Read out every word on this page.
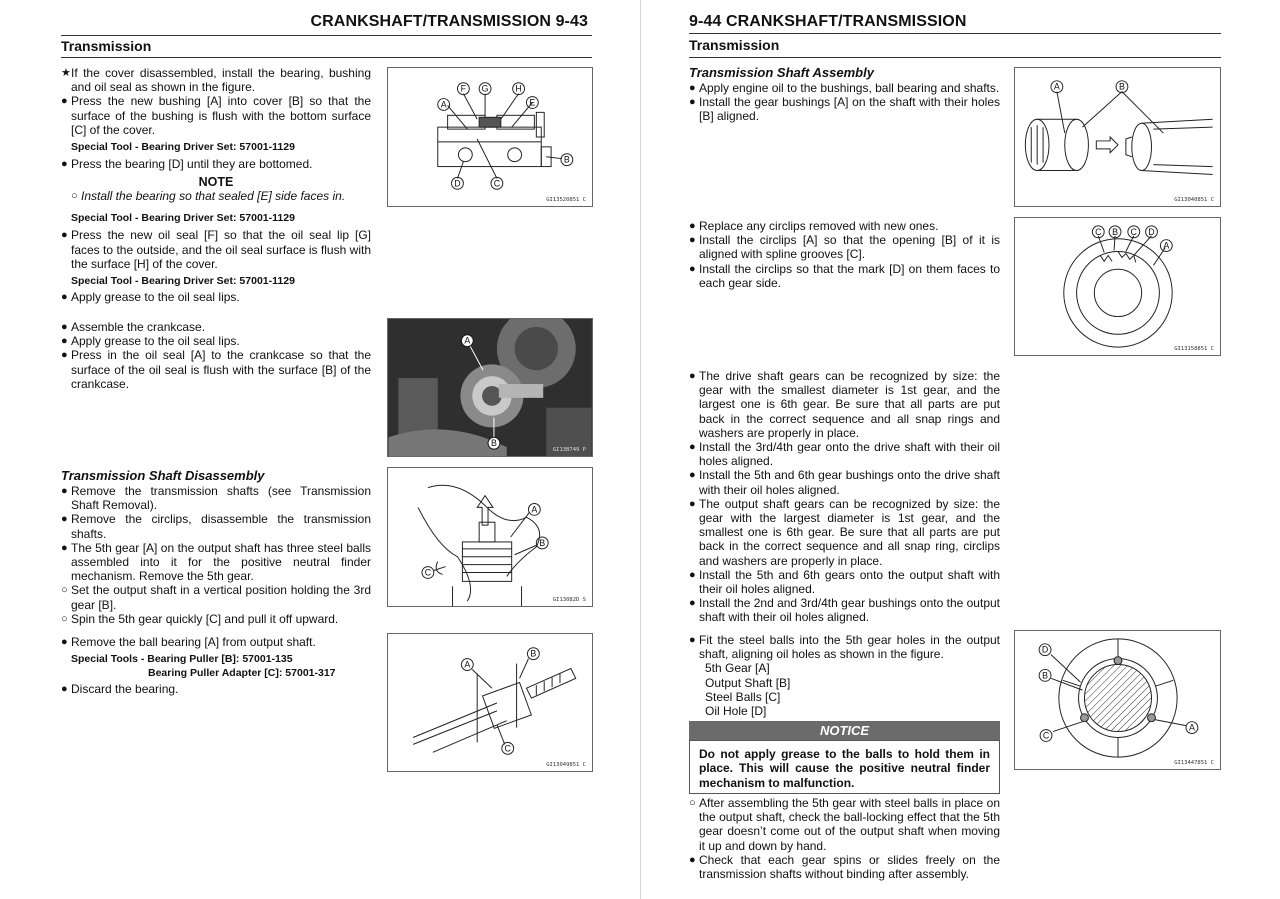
CRANKSHAFT/TRANSMISSION 9-43
Transmission
★ If the cover disassembled, install the bearing, bushing and oil seal as shown in the figure.
● Press the new bushing [A] into cover [B] so that the surface of the bushing is flush with the bottom surface [C] of the cover.
Special Tool - Bearing Driver Set: 57001-1129
● Press the bearing [D] until they are bottomed.
NOTE
○ Install the bearing so that sealed [E] side faces in.
Special Tool - Bearing Driver Set: 57001-1129
● Press the new oil seal [F] so that the oil seal lip [G] faces to the outside, and the oil seal surface is flush with the surface [H] of the cover.
Special Tool - Bearing Driver Set: 57001-1129
● Apply grease to the oil seal lips.
● Assemble the crankcase.
● Apply grease to the oil seal lips.
● Press in the oil seal [A] to the crankcase so that the surface of the oil seal is flush with the surface [B] of the crankcase.
Transmission Shaft Disassembly
● Remove the transmission shafts (see Transmission Shaft Removal).
● Remove the circlips, disassemble the transmission shafts.
● The 5th gear [A] on the output shaft has three steel balls assembled into it for the positive neutral finder mechanism. Remove the 5th gear.
○ Set the output shaft in a vertical position holding the 3rd gear [B].
○ Spin the 5th gear quickly [C] and pull it off upward.
● Remove the ball bearing [A] from output shaft.
Special Tools - Bearing Puller [B]: 57001-135
Bearing Puller Adapter [C]: 57001-317
● Discard the bearing.
F G	H
E
A
B
D	C
GI13520851 C
A
B
GI13B749 P
A
B
C
GI13082D S
A
B
C
GI13049851 C
9-44 CRANKSHAFT/TRANSMISSION
Transmission
Transmission Shaft Assembly
● Apply engine oil to the bushings, ball bearing and shafts.
● Install the gear bushings [A] on the shaft with their holes [B] aligned.
● Replace any circlips removed with new ones.
● Install the circlips [A] so that the opening [B] of it is aligned with spline grooves [C].
● Install the circlips so that the mark [D] on them faces to each gear side.
● The drive shaft gears can be recognized by size: the gear with the smallest diameter is 1st gear, and the largest one is 6th gear. Be sure that all parts are put back in the correct sequence and all snap rings and washers are properly in place.
● Install the 3rd/4th gear onto the drive shaft with their oil holes aligned.
● Install the 5th and 6th gear bushings onto the drive shaft with their oil holes aligned.
● The output shaft gears can be recognized by size: the gear with the largest diameter is 1st gear, and the smallest one is 6th gear. Be sure that all parts are put back in the correct sequence and all snap ring, circlips and washers are properly in place.
● Install the 5th and 6th gears onto the output shaft with their oil holes aligned.
● Install the 2nd and 3rd/4th gear bushings onto the output shaft with their oil holes aligned.
● Fit the steel balls into the 5th gear holes in the output shaft, aligning oil holes as shown in the figure.
5th Gear [A]
Output Shaft [B]
Steel Balls [C]
Oil Hole [D]
NOTICE
Do not apply grease to the balls to hold them in place. This will cause the positive neutral finder mechanism to malfunction.
○ After assembling the 5th gear with steel balls in place on the output shaft, check the ball-locking effect that the 5th gear doesn’t come out of the output shaft when moving it up and down by hand.
● Check that each gear spins or slides freely on the transmission shafts without binding after assembly.
A	B
GI13040851 C
C B C D
A
GI13158851 C
D
B
C
A
GI13447851 C
